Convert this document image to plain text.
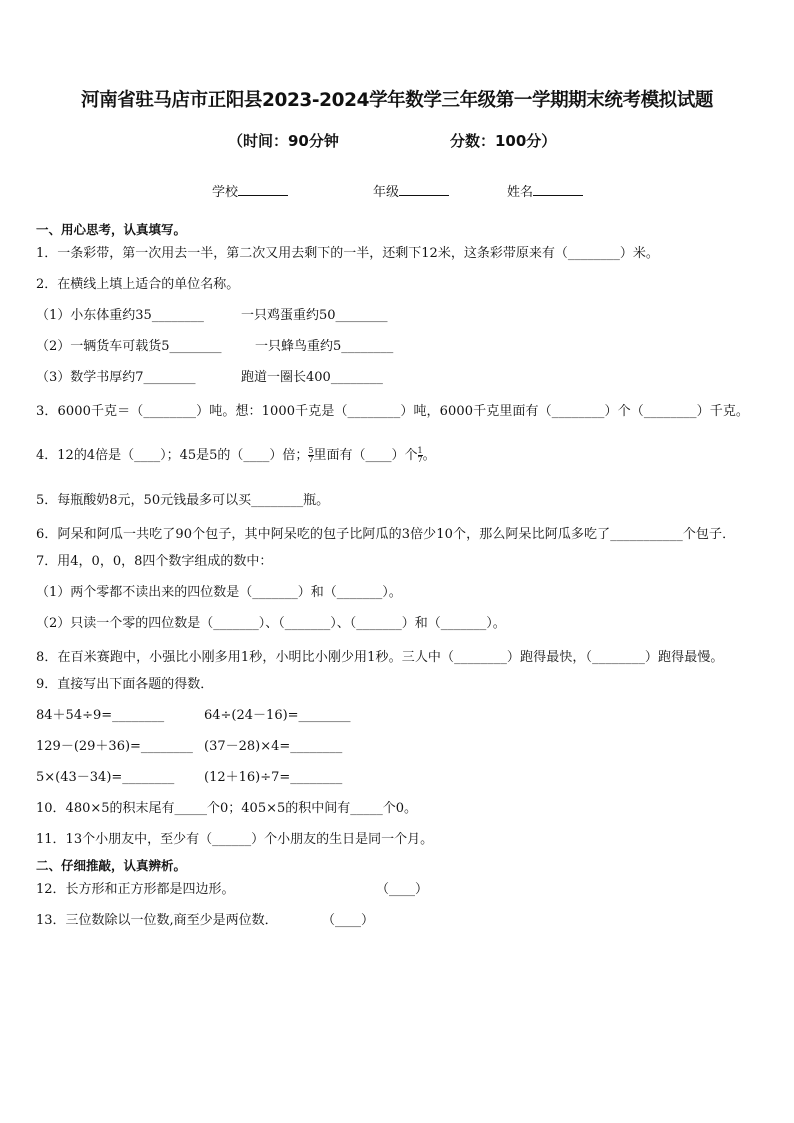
河南省驻马店市正阳县2023-2024学年数学三年级第一学期期末统考模拟试题
（时间：90分钟	分数：100分）
学校	年级	姓名
一、用心思考，认真填写。
1．一条彩带，第一次用去一半，第二次又用去剩下的一半，还剩下12米，这条彩带原来有（________）米。
2．在横线上填上适合的单位名称。
（1）小东体重约35________	一只鸡蛋重约50________
（2）一辆货车可载货5________	一只蜂鸟重约5________
（3）数学书厚约7________	跑道一圈长400________
3．6000千克＝（________）吨。想：1000千克是（________）吨，6000千克里面有（________）个（________）千克。
4．12的4倍是（____）；45是5的（____）倍； $\frac{5}{7}$ 里面有（____）个 $\frac{1}{7}$ 。
5．每瓶酸奶8元，50元钱最多可以买________瓶。
6．阿呆和阿瓜一共吃了90个包子，其中阿呆吃的包子比阿瓜的3倍少10个，那么阿呆比阿瓜多吃了___________个包子．
7．用4，0，0，8四个数字组成的数中：
（1）两个零都不读出来的四位数是（_______）和（_______）。
（2）只读一个零的四位数是（_______）、（_______）、（_______）和（_______）。
8．在百米赛跑中，小强比小刚多用1秒，小明比小刚少用1秒。三人中（________）跑得最快，（________）跑得最慢。
9．直接写出下面各题的得数．
84＋54÷9=________	64÷(24－16)=________
129－(29＋36)=________ (37－28)×4=________
5×(43－34)=________ (12＋16)÷7=________
10．480×5的积末尾有_____个0；405×5的积中间有_____个0。
11．13个小朋友中，至少有（______）个小朋友的生日是同一个月。
二、仔细推敲，认真辨析。
12．长方形和正方形都是四边形。	（____）
13．三位数除以一位数,商至少是两位数．	（____）
